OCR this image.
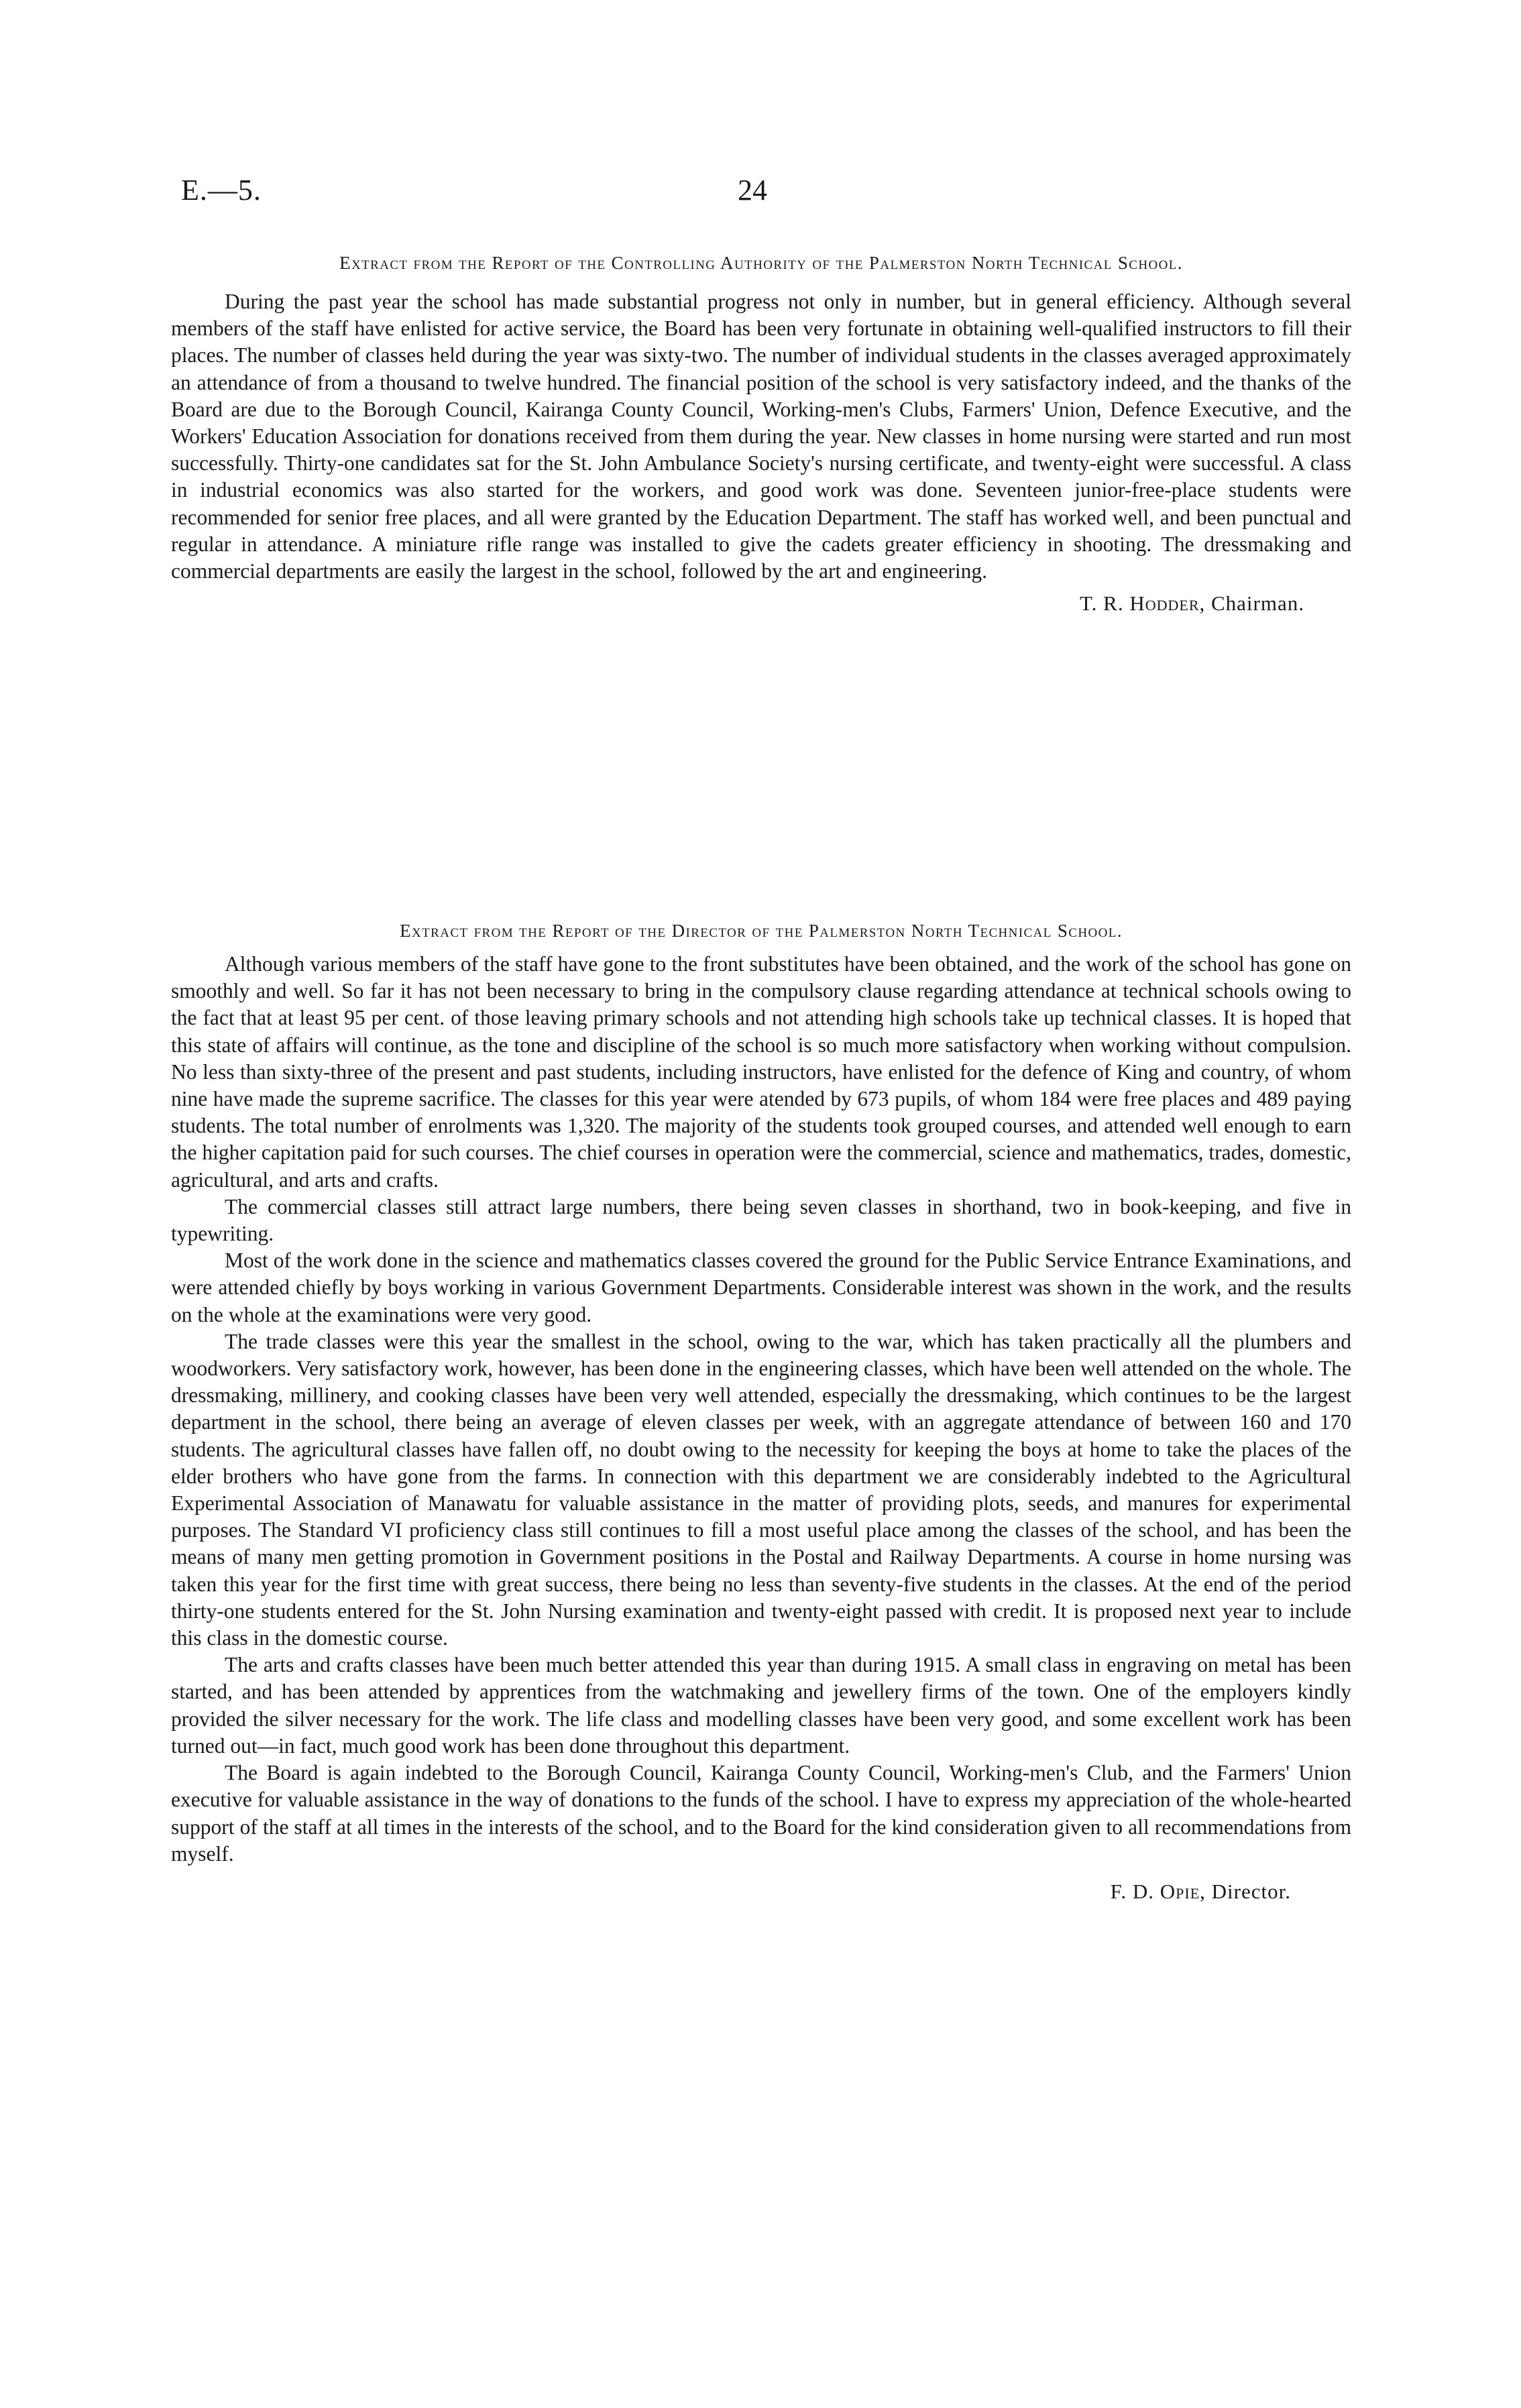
E.—5.	24
Extract from the Report of the Controlling Authority of the Palmerston North Technical School.

During the past year the school has made substantial progress not only in number, but in general efficiency. Although several members of the staff have enlisted for active service, the Board has been very fortunate in obtaining well-qualified instructors to fill their places. The number of classes held during the year was sixty-two. The number of individual students in the classes averaged approximately an attendance of from a thousand to twelve hundred. The financial position of the school is very satisfactory indeed, and the thanks of the Board are due to the Borough Council, Kairanga County Council, Working-men's Clubs, Farmers' Union, Defence Executive, and the Workers' Education Association for donations received from them during the year. New classes in home nursing were started and run most successfully. Thirty-one candidates sat for the St. John Ambulance Society's nursing certificate, and twenty-eight were successful. A class in industrial economics was also started for the workers, and good work was done. Seventeen junior-free-place students were recommended for senior free places, and all were granted by the Education Department. The staff has worked well, and been punctual and regular in attendance. A miniature rifle range was installed to give the cadets greater efficiency in shooting. The dressmaking and commercial departments are easily the largest in the school, followed by the art and engineering.

T. R. Hodder, Chairman.
Extract from the Report of the Director of the Palmerston North Technical School.

Although various members of the staff have gone to the front substitutes have been obtained, and the work of the school has gone on smoothly and well. So far it has not been necessary to bring in the compulsory clause regarding attendance at technical schools owing to the fact that at least 95 per cent. of those leaving primary schools and not attending high schools take up technical classes. It is hoped that this state of affairs will continue, as the tone and discipline of the school is so much more satisfactory when working without compulsion. No less than sixty-three of the present and past students, including instructors, have enlisted for the defence of King and country, of whom nine have made the supreme sacrifice. The classes for this year were atended by 673 pupils, of whom 184 were free places and 489 paying students. The total number of enrolments was 1,320. The majority of the students took grouped courses, and attended well enough to earn the higher capitation paid for such courses. The chief courses in operation were the commercial, science and mathematics, trades, domestic, agricultural, and arts and crafts.

The commercial classes still attract large numbers, there being seven classes in shorthand, two in book-keeping, and five in typewriting.

Most of the work done in the science and mathematics classes covered the ground for the Public Service Entrance Examinations, and were attended chiefly by boys working in various Government Departments. Considerable interest was shown in the work, and the results on the whole at the examinations were very good.

The trade classes were this year the smallest in the school, owing to the war, which has taken practically all the plumbers and woodworkers. Very satisfactory work, however, has been done in the engineering classes, which have been well attended on the whole. The dressmaking, millinery, and cooking classes have been very well attended, especially the dressmaking, which continues to be the largest department in the school, there being an average of eleven classes per week, with an aggregate attendance of between 160 and 170 students. The agricultural classes have fallen off, no doubt owing to the necessity for keeping the boys at home to take the places of the elder brothers who have gone from the farms. In connection with this department we are considerably indebted to the Agricultural Experimental Association of Manawatu for valuable assistance in the matter of providing plots, seeds, and manures for experimental purposes. The Standard VI proficiency class still continues to fill a most useful place among the classes of the school, and has been the means of many men getting promotion in Government positions in the Postal and Railway Departments. A course in home nursing was taken this year for the first time with great success, there being no less than seventy-five students in the classes. At the end of the period thirty-one students entered for the St. John Nursing examination and twenty-eight passed with credit. It is proposed next year to include this class in the domestic course.

The arts and crafts classes have been much better attended this year than during 1915. A small class in engraving on metal has been started, and has been attended by apprentices from the watchmaking and jewellery firms of the town. One of the employers kindly provided the silver necessary for the work. The life class and modelling classes have been very good, and some excellent work has been turned out—in fact, much good work has been done throughout this department.

The Board is again indebted to the Borough Council, Kairanga County Council, Working-men's Club, and the Farmers' Union executive for valuable assistance in the way of donations to the funds of the school. I have to express my appreciation of the whole-hearted support of the staff at all times in the interests of the school, and to the Board for the kind consideration given to all recommendations from myself.

F. D. Opie, Director.
